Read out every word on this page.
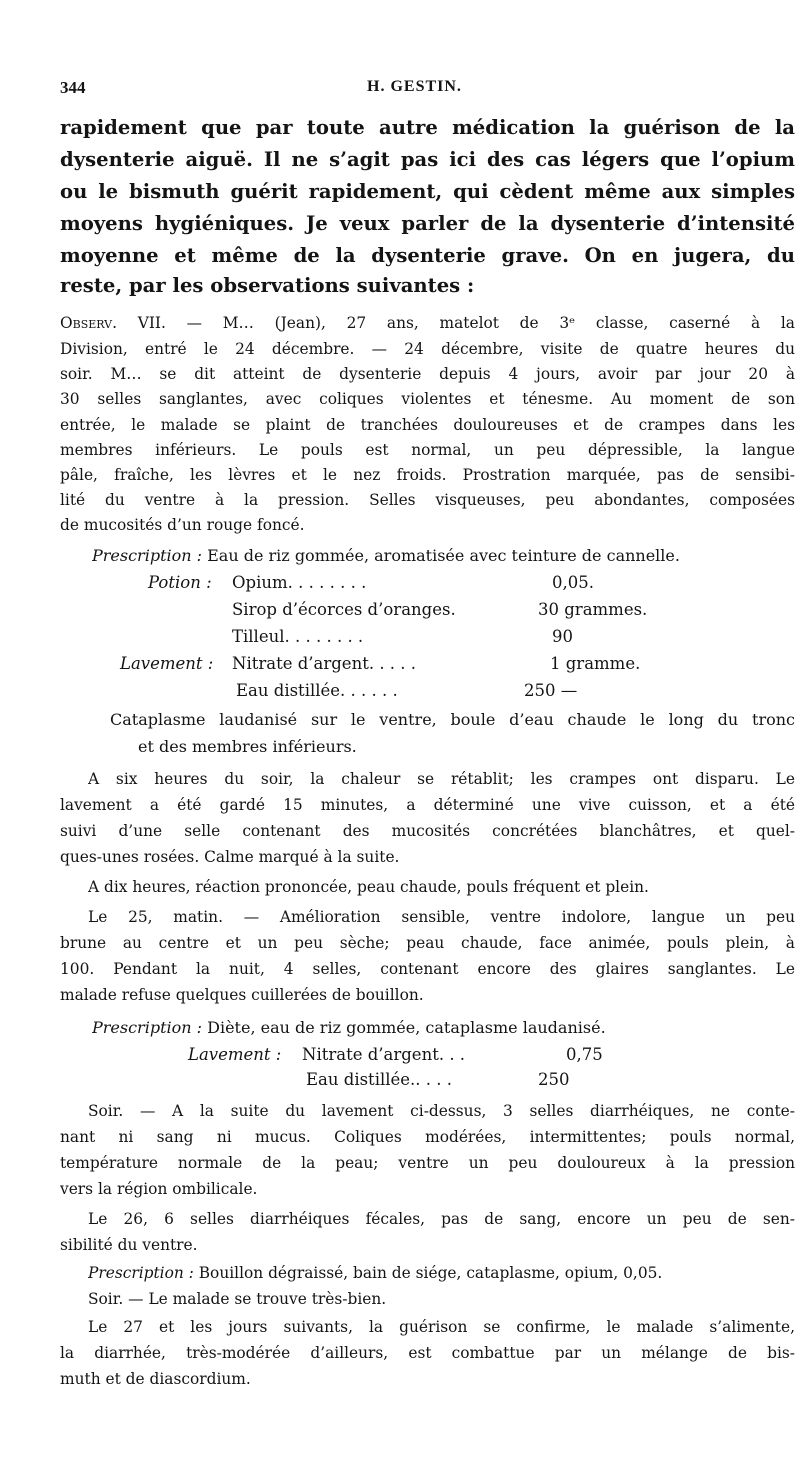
344	H. GESTIN.
rapidement que par toute autre médication la guérison de la
dysenterie aiguë. Il ne s’agit pas ici des cas légers que l’opium
ou le bismuth guérit rapidement, qui cèdent même aux simples
moyens hygiéniques. Je veux parler de la dysenterie d’intensité
moyenne et même de la dysenterie grave. On en jugera, du
reste, par les observations suivantes :
Observ. VII. — M… (Jean), 27 ans, matelot de 3ᵉ classe, caserné à la
Division, entré le 24 décembre. — 24 décembre, visite de quatre heures du
soir. M… se dit atteint de dysenterie depuis 4 jours, avoir par jour 20 à
30 selles sanglantes, avec coliques violentes et ténesme. Au moment de son
entrée, le malade se plaint de tranchées douloureuses et de crampes dans les
membres inférieurs. Le pouls est normal, un peu dépressible, la langue
pâle, fraîche, les lèvres et le nez froids. Prostration marquée, pas de sensibi-
lité du ventre à la pression. Selles visqueuses, peu abondantes, composées
de mucosités d’un rouge foncé.
Prescription : Eau de riz gommée, aromatisée avec teinture de cannelle.
Potion : Opium. . . . . . . .	0,05.
Sirop d’écorces d’oranges.	30 grammes.
Tilleul. . . . . . . .	90
Lavement : Nitrate d’argent. . . . .	1 gramme.
Eau distillée. . . . . .	250 —
Cataplasme laudanisé sur le ventre, boule d’eau chaude le long du tronc
et des membres inférieurs.
A six heures du soir, la chaleur se rétablit; les crampes ont disparu. Le
lavement a été gardé 15 minutes, a déterminé une vive cuisson, et a été
suivi d’une selle contenant des mucosités concrétées blanchâtres, et quel-
ques-unes rosées. Calme marqué à la suite.
A dix heures, réaction prononcée, peau chaude, pouls fréquent et plein.
Le 25, matin. — Amélioration sensible, ventre indolore, langue un peu
brune au centre et un peu sèche; peau chaude, face animée, pouls plein, à
100. Pendant la nuit, 4 selles, contenant encore des glaires sanglantes. Le
malade refuse quelques cuillerées de bouillon.
Prescription : Diète, eau de riz gommée, cataplasme laudanisé.
Lavement : Nitrate d’argent. . .	0,75
Eau distillée.. . . .	250
Soir. — A la suite du lavement ci-dessus, 3 selles diarrhéiques, ne conte-
nant ni sang ni mucus. Coliques modérées, intermittentes; pouls normal,
température normale de la peau; ventre un peu douloureux à la pression
vers la région ombilicale.
Le 26, 6 selles diarrhéiques fécales, pas de sang, encore un peu de sen-
sibilité du ventre.
Prescription : Bouillon dégraissé, bain de siége, cataplasme, opium, 0,05.
Soir. — Le malade se trouve très-bien.
Le 27 et les jours suivants, la guérison se confirme, le malade s’alimente,
la diarrhée, très-modérée d’ailleurs, est combattue par un mélange de bis-
muth et de diascordium.
